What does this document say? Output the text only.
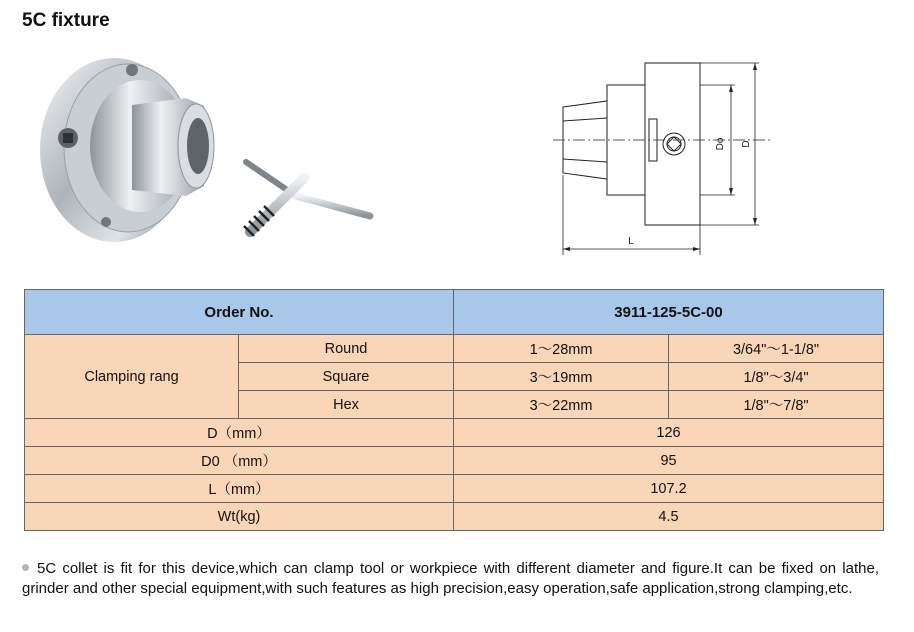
5C fixture
Do D
L
Order No.		3911-125-5C-00	
Clamping rang	Round	1～28mm	3/64"～1-1/8"
	Square	3～19mm	1/8"～3/4"
	Hex	3～22mm	1/8"～7/8"
D（mm）		126	
D0 （mm）		95	
L（mm）		107.2	
Wt(kg)		4.5	
5C collet is fit for this device,which can clamp tool or workpiece with different diameter and figure.It can be fixed on lathe, grinder and other special equipment,with such features as high precision,easy operation,safe application,strong clamping,etc.
